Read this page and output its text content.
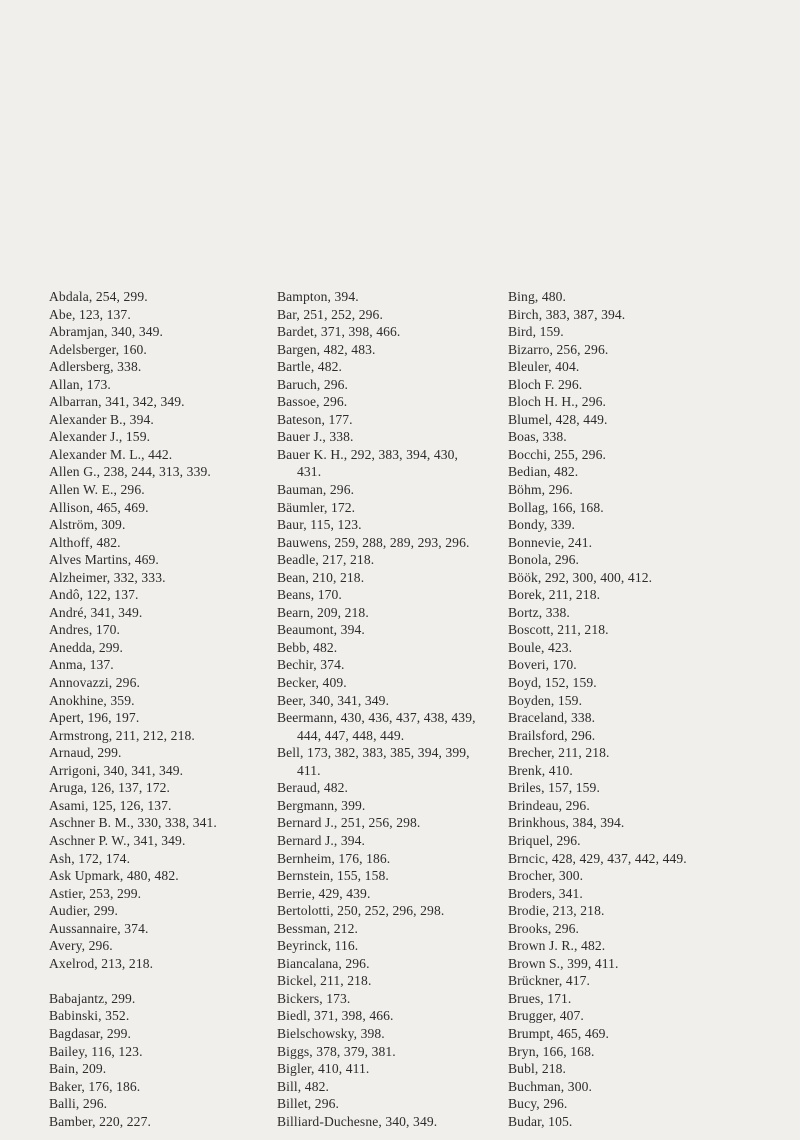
Abdala, 254, 299.
Abe, 123, 137.
Abramjan, 340, 349.
Adelsberger, 160.
Adlersberg, 338.
Allan, 173.
Albarran, 341, 342, 349.
Alexander B., 394.
Alexander J., 159.
Alexander M. L., 442.
Allen G., 238, 244, 313, 339.
Allen W. E., 296.
Allison, 465, 469.
Alström, 309.
Althoff, 482.
Alves Martins, 469.
Alzheimer, 332, 333.
Andô, 122, 137.
André, 341, 349.
Andres, 170.
Anedda, 299.
Anma, 137.
Annovazzi, 296.
Anokhine, 359.
Apert, 196, 197.
Armstrong, 211, 212, 218.
Arnaud, 299.
Arrigoni, 340, 341, 349.
Aruga, 126, 137, 172.
Asami, 125, 126, 137.
Aschner B. M., 330, 338, 341.
Aschner P. W., 341, 349.
Ash, 172, 174.
Ask Upmark, 480, 482.
Astier, 253, 299.
Audier, 299.
Aussannaire, 374.
Avery, 296.
Axelrod, 213, 218.
Babajantz, 299.
Babinski, 352.
Bagdasar, 299.
Bailey, 116, 123.
Bain, 209.
Baker, 176, 186.
Balli, 296.
Bamber, 220, 227.
Bampton, 394.
Bar, 251, 252, 296.
Bardet, 371, 398, 466.
Bargen, 482, 483.
Bartle, 482.
Baruch, 296.
Bassoe, 296.
Bateson, 177.
Bauer J., 338.
Bauer K. H., 292, 383, 394, 430,
431.
Bauman, 296.
Bäumler, 172.
Baur, 115, 123.
Bauwens, 259, 288, 289, 293, 296.
Beadle, 217, 218.
Bean, 210, 218.
Beans, 170.
Bearn, 209, 218.
Beaumont, 394.
Bebb, 482.
Bechir, 374.
Becker, 409.
Beer, 340, 341, 349.
Beermann, 430, 436, 437, 438, 439,
444, 447, 448, 449.
Bell, 173, 382, 383, 385, 394, 399,
411.
Beraud, 482.
Bergmann, 399.
Bernard J., 251, 256, 298.
Bernard J., 394.
Bernheim, 176, 186.
Bernstein, 155, 158.
Berrie, 429, 439.
Bertolotti, 250, 252, 296, 298.
Bessman, 212.
Beyrinck, 116.
Biancalana, 296.
Bickel, 211, 218.
Bickers, 173.
Biedl, 371, 398, 466.
Bielschowsky, 398.
Biggs, 378, 379, 381.
Bigler, 410, 411.
Bill, 482.
Billet, 296.
Billiard-Duchesne, 340, 349.
Bing, 480.
Birch, 383, 387, 394.
Bird, 159.
Bizarro, 256, 296.
Bleuler, 404.
Bloch F. 296.
Bloch H. H., 296.
Blumel, 428, 449.
Boas, 338.
Bocchi, 255, 296.
Bedian, 482.
Böhm, 296.
Bollag, 166, 168.
Bondy, 339.
Bonnevie, 241.
Bonola, 296.
Böök, 292, 300, 400, 412.
Borek, 211, 218.
Bortz, 338.
Boscott, 211, 218.
Boule, 423.
Boveri, 170.
Boyd, 152, 159.
Boyden, 159.
Braceland, 338.
Brailsford, 296.
Brecher, 211, 218.
Brenk, 410.
Briles, 157, 159.
Brindeau, 296.
Brinkhous, 384, 394.
Briquel, 296.
Brncic, 428, 429, 437, 442, 449.
Brocher, 300.
Broders, 341.
Brodie, 213, 218.
Brooks, 296.
Brown J. R., 482.
Brown S., 399, 411.
Brückner, 417.
Brues, 171.
Brugger, 407.
Brumpt, 465, 469.
Bryn, 166, 168.
Bubl, 218.
Buchman, 300.
Bucy, 296.
Budar, 105.
